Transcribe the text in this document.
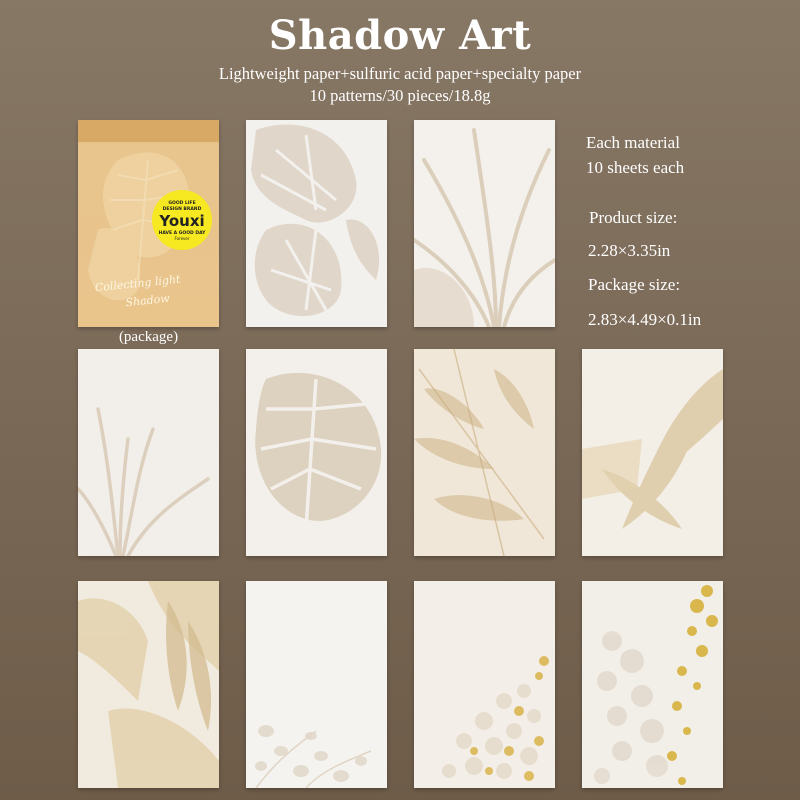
Shadow Art
Lightweight paper+sulfuric acid paper+specialty paper
10 patterns/30 pieces/18.8g
GOOD LIFE
DESIGN BRAND
Youxi
HAVE A GOOD DAY
Forever
Collecting light
Shadow
(package)
Each material
10 sheets each
Product size:
2.28×3.35in
Package size:
2.83×4.49×0.1in
